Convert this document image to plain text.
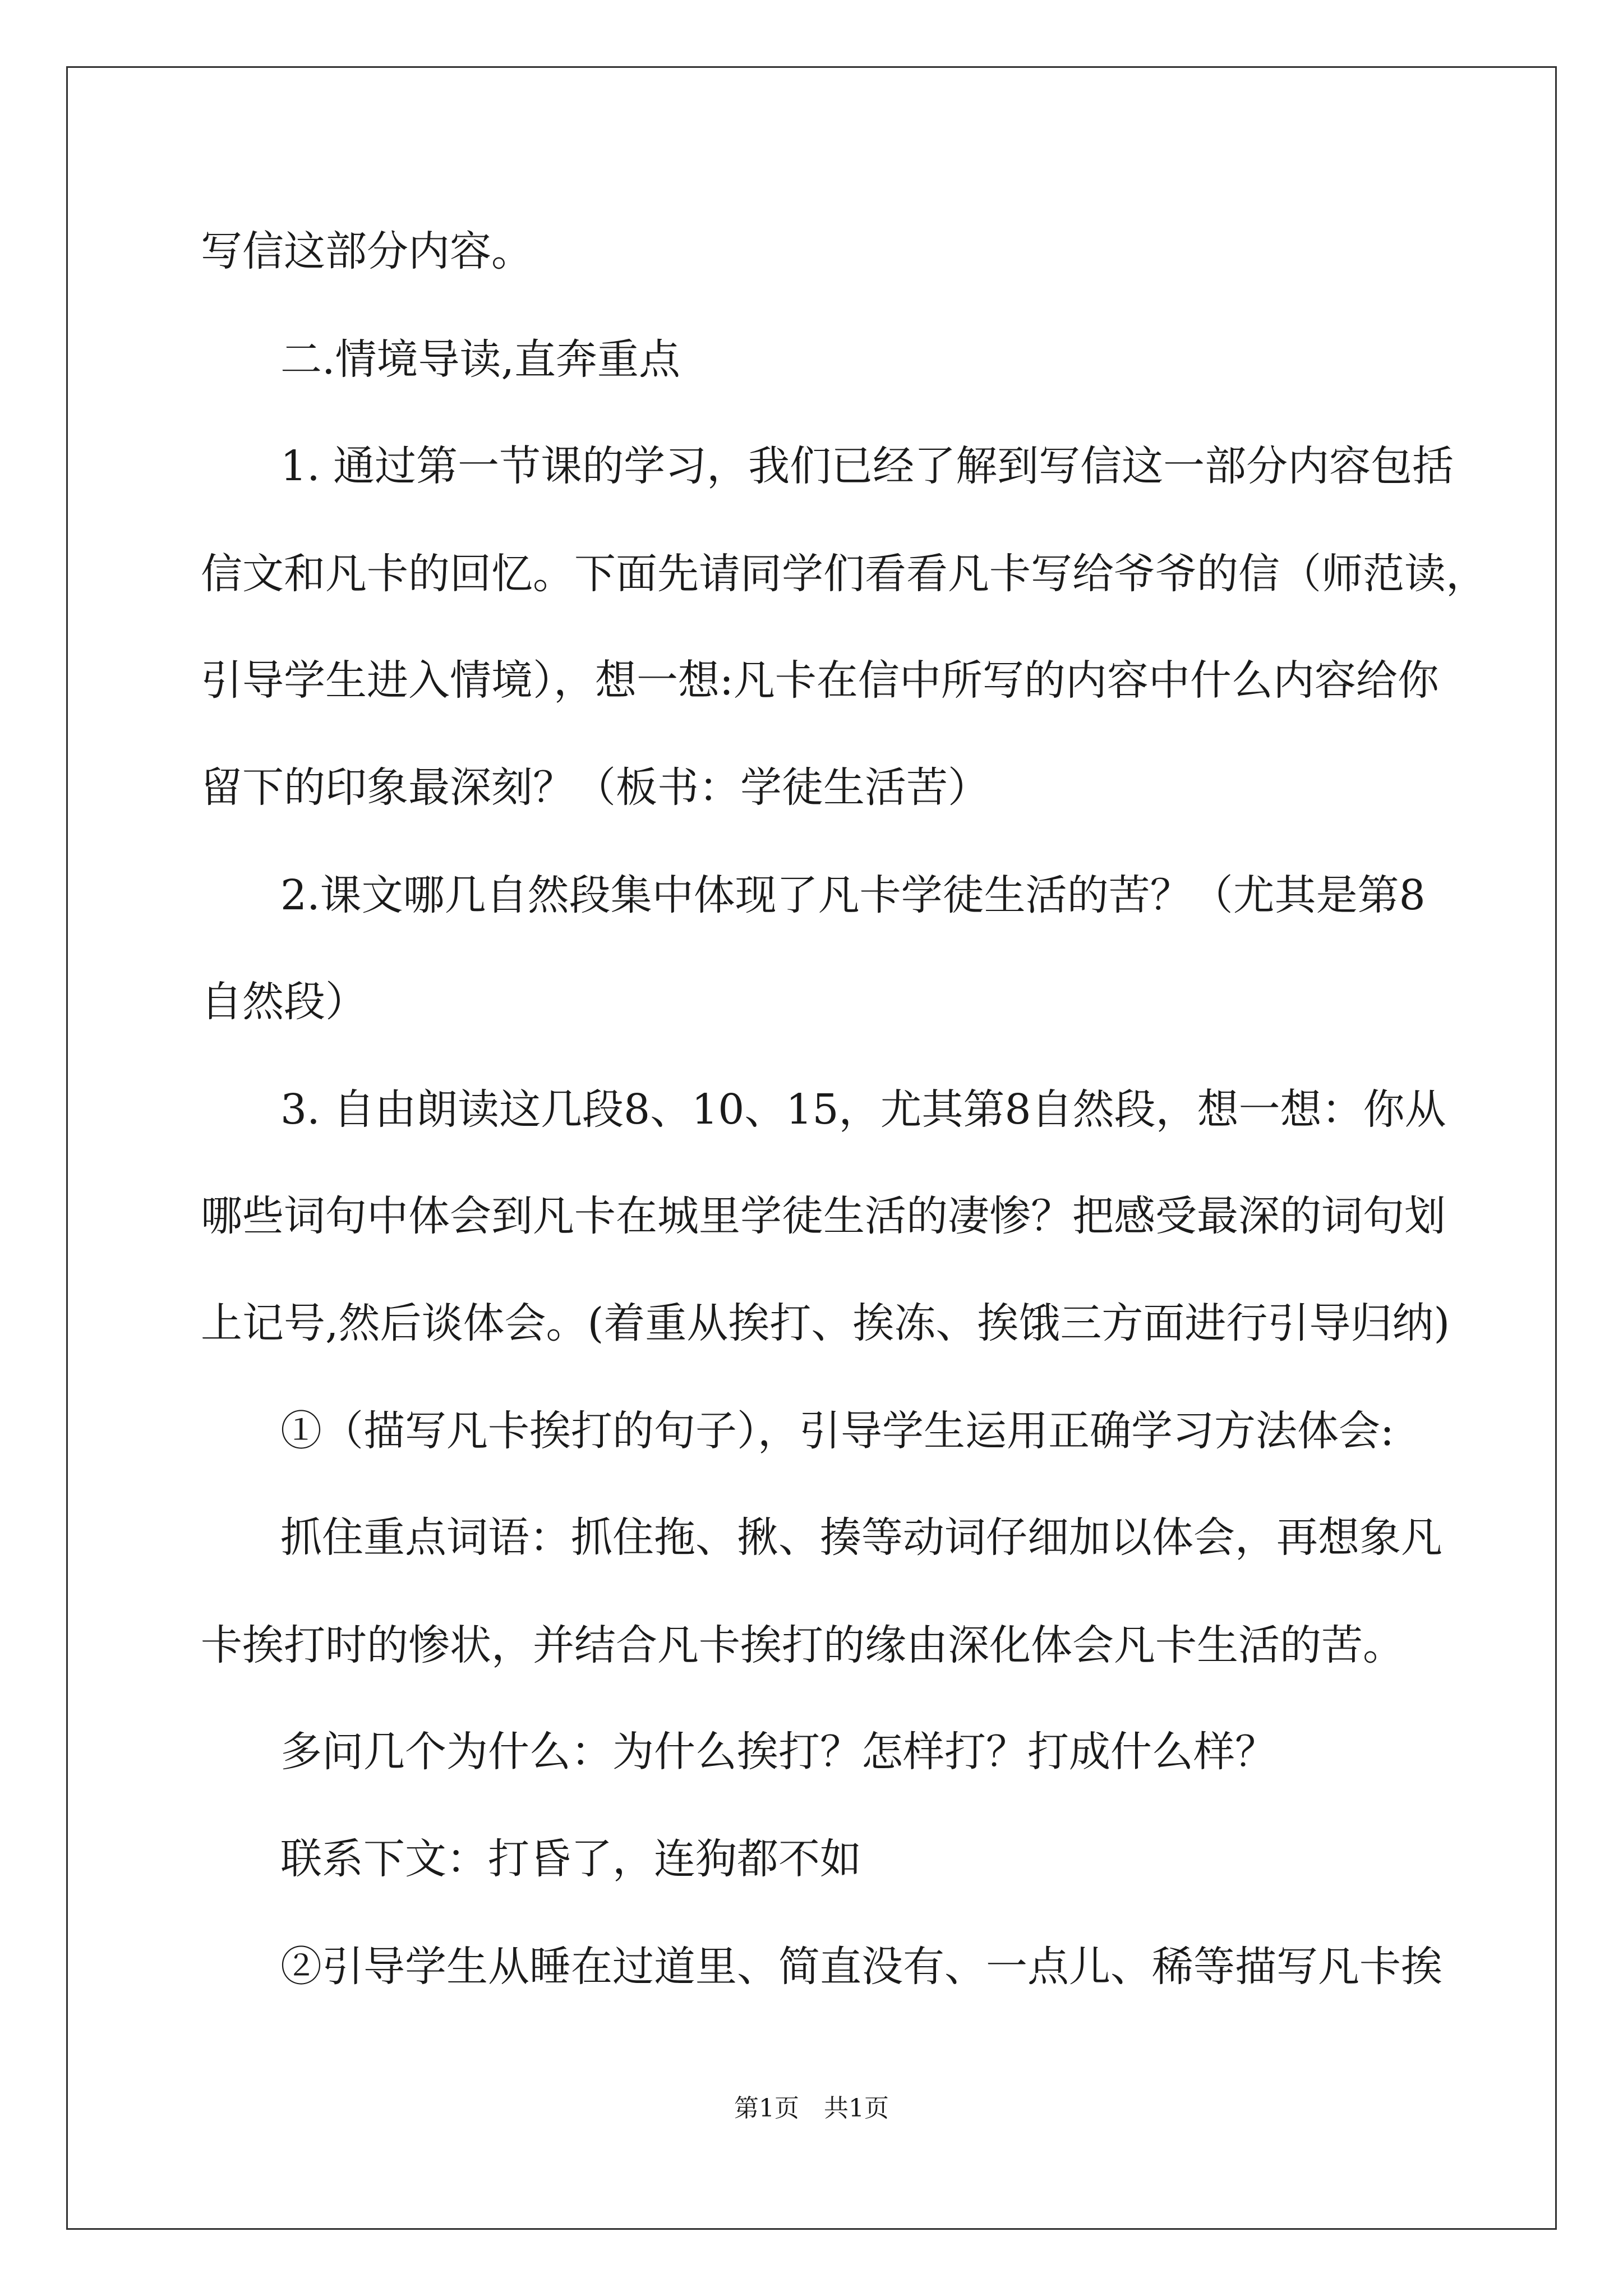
写信这部分内容。
二.情境导读,直奔重点
1. 通过第一节课的学习，我们已经了解到写信这一部分内容包括
信文和凡卡的回忆。下面先请同学们看看凡卡写给爷爷的信（师范读，
引导学生进入情境），想一想:凡卡在信中所写的内容中什么内容给你
留下的印象最深刻？（板书：学徒生活苦）
2.课文哪几自然段集中体现了凡卡学徒生活的苦？（尤其是第8
自然段）
3. 自由朗读这几段8、10、15，尤其第8自然段，想一想：你从
哪些词句中体会到凡卡在城里学徒生活的凄惨？把感受最深的词句划
上记号,然后谈体会。(着重从挨打、挨冻、挨饿三方面进行引导归纳)
①（描写凡卡挨打的句子），引导学生运用正确学习方法体会:
抓住重点词语：抓住拖、揪、揍等动词仔细加以体会，再想象凡
卡挨打时的惨状，并结合凡卡挨打的缘由深化体会凡卡生活的苦。
多问几个为什么：为什么挨打？怎样打？打成什么样？
联系下文：打昏了，连狗都不如
②引导学生从睡在过道里、简直没有、一点儿、稀等描写凡卡挨
第1页　共1页
